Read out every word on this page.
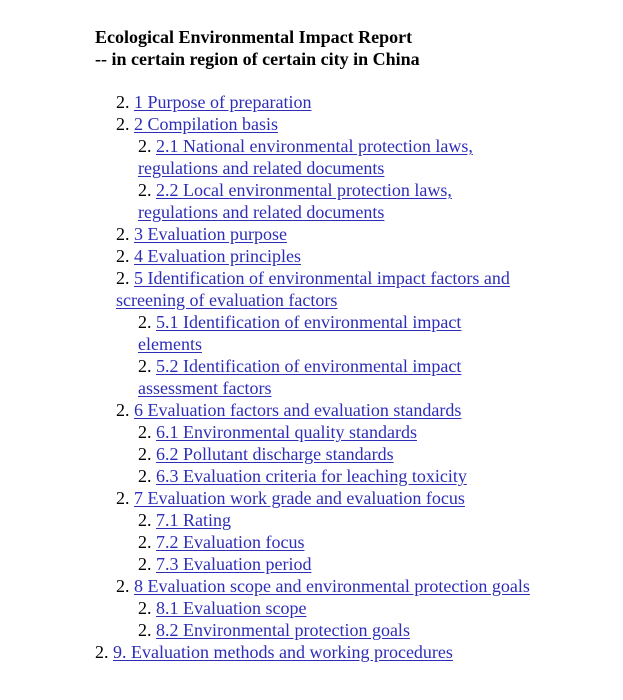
Ecological Environmental Impact Report
-- in certain region of certain city in China
2. 1 Purpose of preparation
2. 2 Compilation basis
2. 2.1 National environmental protection laws, regulations and related documents
2. 2.2 Local environmental protection laws, regulations and related documents
2. 3 Evaluation purpose
2. 4 Evaluation principles
2. 5 Identification of environmental impact factors and screening of evaluation factors
2. 5.1 Identification of environmental impact elements
2. 5.2 Identification of environmental impact assessment factors
2. 6 Evaluation factors and evaluation standards
2. 6.1 Environmental quality standards
2. 6.2 Pollutant discharge standards
2. 6.3 Evaluation criteria for leaching toxicity
2. 7 Evaluation work grade and evaluation focus
2. 7.1 Rating
2. 7.2 Evaluation focus
2. 7.3 Evaluation period
2. 8 Evaluation scope and environmental protection goals
2. 8.1 Evaluation scope
2. 8.2 Environmental protection goals
2. 9. Evaluation methods and working procedures
